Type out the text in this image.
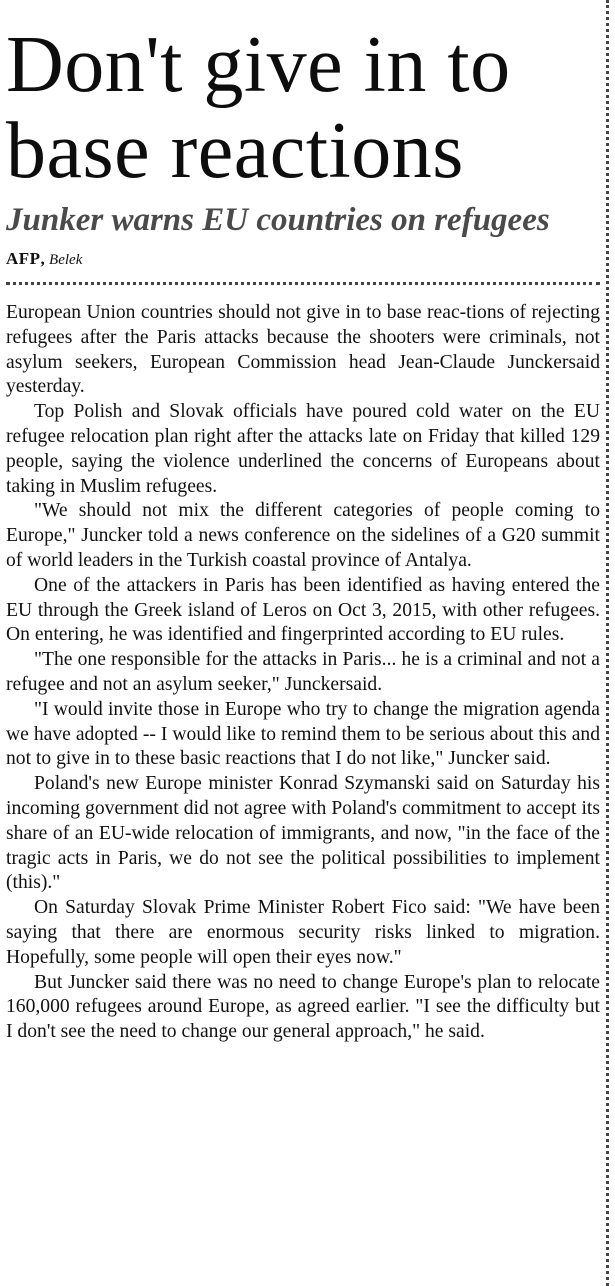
Don't give in to base reactions
Junker warns EU countries on refugees
AFP, Belek

European Union countries should not give in to base reac-tions of rejecting refugees after the Paris attacks because the shooters were criminals, not asylum seekers, European Commission head Jean-Claude Junckersaid yesterday.

Top Polish and Slovak officials have poured cold water on the EU refugee relocation plan right after the attacks late on Friday that killed 129 people, saying the violence underlined the concerns of Europeans about taking in Muslim refugees.

"We should not mix the different categories of people coming to Europe," Juncker told a news conference on the sidelines of a G20 summit of world leaders in the Turkish coastal province of Antalya.

One of the attackers in Paris has been identified as having entered the EU through the Greek island of Leros on Oct 3, 2015, with other refugees. On entering, he was identified and fingerprinted according to EU rules.

"The one responsible for the attacks in Paris... he is a criminal and not a refugee and not an asylum seeker," Junckersaid.

"I would invite those in Europe who try to change the migration agenda we have adopted -- I would like to remind them to be serious about this and not to give in to these basic reactions that I do not like," Juncker said.

Poland's new Europe minister Konrad Szymanski said on Saturday his incoming government did not agree with Poland's commitment to accept its share of an EU-wide relocation of immigrants, and now, "in the face of the tragic acts in Paris, we do not see the political possibilities to implement (this)."

On Saturday Slovak Prime Minister Robert Fico said: "We have been saying that there are enormous security risks linked to migration. Hopefully, some people will open their eyes now."

But Juncker said there was no need to change Europe's plan to relocate 160,000 refugees around Europe, as agreed earlier. "I see the difficulty but I don't see the need to change our general approach," he said.
